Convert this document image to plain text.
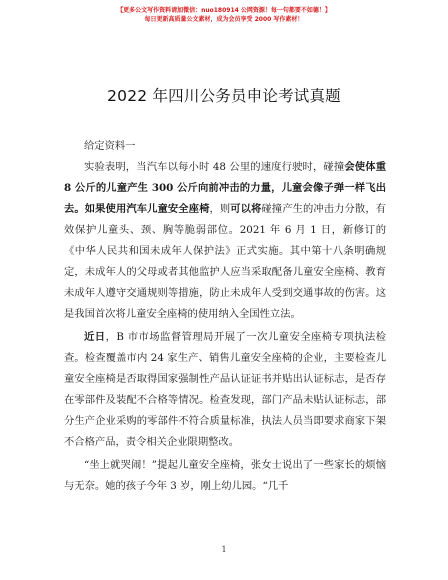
【更多公文写作资料请加微信：nuo180914 公网资源！每一句都要不如德！】
每日更新高质量公文素材，成为会员享受 2000 写作素材！
2022 年四川公务员申论考试真题

给定资料一

实验表明，当汽车以每小时 48 公里的速度行驶时，碰撞会使体重 8 公斤的儿童产生 300 公斤向前冲击的力量，儿童会像子弹一样飞出去。如果使用汽车儿童安全座椅，则可以将碰撞产生的冲击力分散，有效保护儿童头、颈、胸等脆弱部位。2021 年 6 月 1 日，新修订的《中华人民共和国未成年人保护法》正式实施。其中第十八条明确规定，未成年人的父母或者其他监护人应当采取配备儿童安全座椅、教育未成年人遵守交通规则等措施，防止未成年人受到交通事故的伤害。这是我国首次将儿童安全座椅的使用纳入全国性立法。

近日，B 市市场监督管理局开展了一次儿童安全座椅专项执法检查。检查覆盖市内 24 家生产、销售儿童安全座椅的企业，主要检查儿童安全座椅是否取得国家强制性产品认证证书并贴出认证标志，是否存在零部件及装配不合格等情况。检查发现，部门产品未贴认证标志，部分生产企业采购的零部件不符合质量标准，执法人员当即要求商家下架不合格产品，责令相关企业限期整改。

“坐上就哭闹！”提起儿童安全座椅，张女士说出了一些家长的烦恼与无奈。她的孩子今年 3 岁，刚上幼儿园。“几千

1
